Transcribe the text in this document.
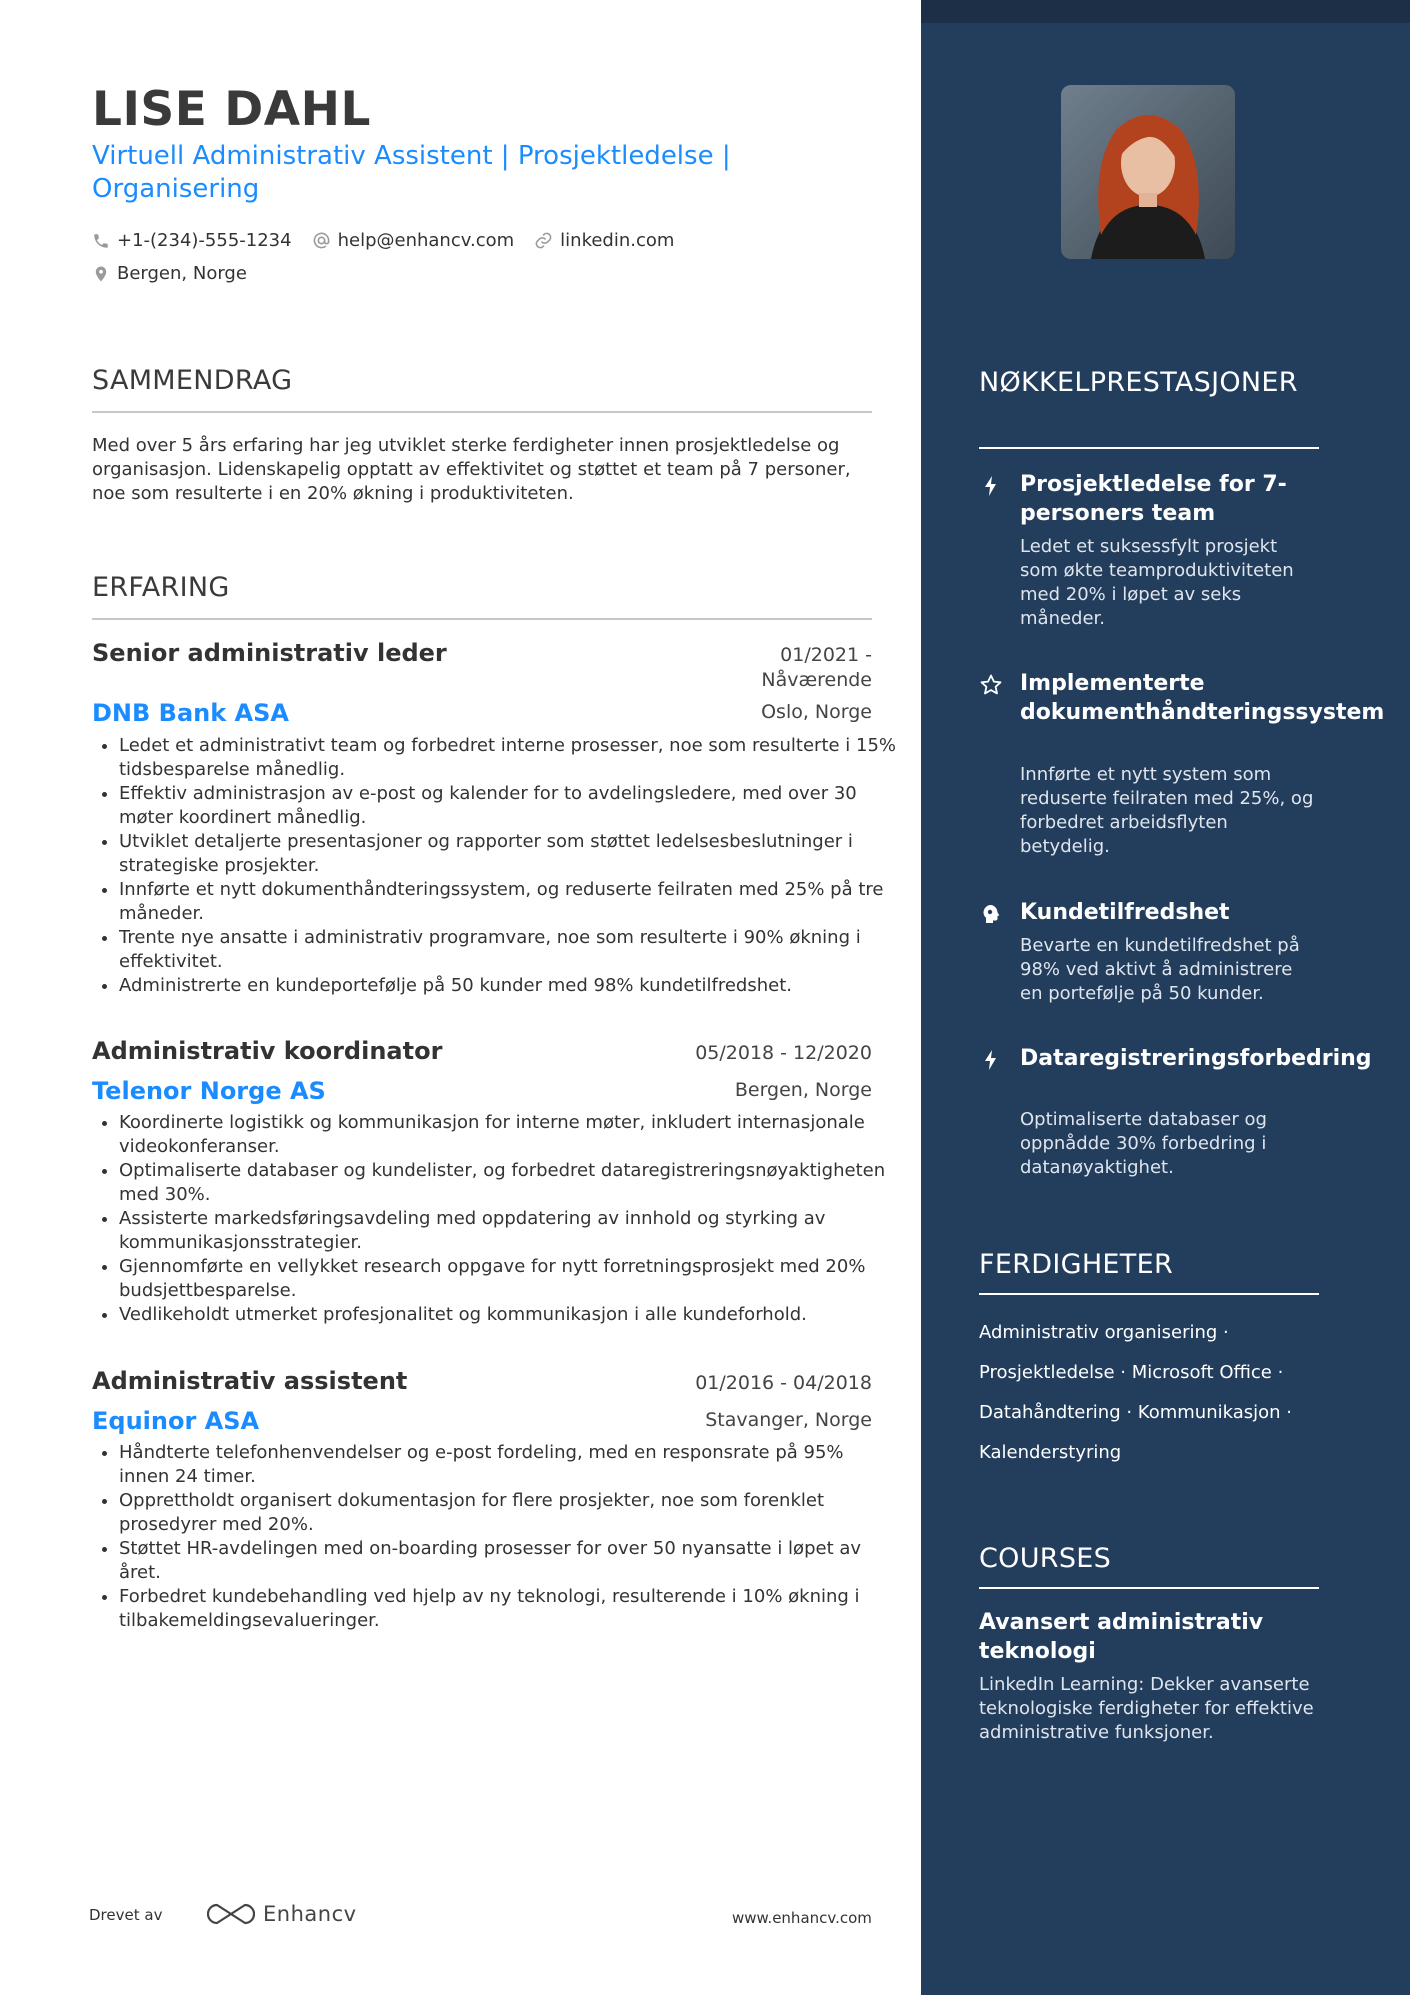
LISE DAHL

Virtuell Administrativ Assistent | Prosjektledelse | Organisering

+1-(234)-555-1234	help@enhancv.com	linkedin.com
Bergen, Norge
SAMMENDRAG

Med over 5 års erfaring har jeg utviklet sterke ferdigheter innen prosjektledelse og organisasjon. Lidenskapelig opptatt av effektivitet og støttet et team på 7 personer, noe som resulterte i en 20% økning i produktiviteten.

ERFARING
Senior administrativ leder	01/2021 - Nåværende
DNB Bank ASA	Oslo, Norge
• Ledet et administrativt team og forbedret interne prosesser, noe som resulterte i 15% tidsbesparelse månedlig.
• Effektiv administrasjon av e-post og kalender for to avdelingsledere, med over 30 møter koordinert månedlig.
• Utviklet detaljerte presentasjoner og rapporter som støttet ledelsesbeslutninger i strategiske prosjekter.
• Innførte et nytt dokumenthåndteringssystem, og reduserte feilraten med 25% på tre måneder.
• Trente nye ansatte i administrativ programvare, noe som resulterte i 90% økning i effektivitet.
• Administrerte en kundeportefølje på 50 kunder med 98% kundetilfredshet.
Administrativ koordinator	05/2018 - 12/2020
Telenor Norge AS	Bergen, Norge
• Koordinerte logistikk og kommunikasjon for interne møter, inkludert internasjonale videokonferanser.
• Optimaliserte databaser og kundelister, og forbedret dataregistreringsnøyaktigheten med 30%.
• Assisterte markedsføringsavdeling med oppdatering av innhold og styrking av kommunikasjonsstrategier.
• Gjennomførte en vellykket research oppgave for nytt forretningsprosjekt med 20% budsjettbesparelse.
• Vedlikeholdt utmerket profesjonalitet og kommunikasjon i alle kundeforhold.
Administrativ assistent	01/2016 - 04/2018
Equinor ASA	Stavanger, Norge
• Håndterte telefonhenvendelser og e-post fordeling, med en responsrate på 95% innen 24 timer.
• Opprettholdt organisert dokumentasjon for flere prosjekter, noe som forenklet prosedyrer med 20%.
• Støttet HR-avdelingen med on-boarding prosesser for over 50 nyansatte i løpet av året.
• Forbedret kundebehandling ved hjelp av ny teknologi, resulterende i 10% økning i tilbakemeldingsevalueringer.
NØKKELPRESTASJONER
Prosjektledelse for 7-personers team

Ledet et suksessfylt prosjekt som økte teamproduktiviteten med 20% i løpet av seks måneder.

Implementerte dokumenthåndteringssystem

Innførte et nytt system som reduserte feilraten med 25%, og forbedret arbeidsflyten betydelig.

Kundetilfredshet

Bevarte en kundetilfredshet på 98% ved aktivt å administrere en portefølje på 50 kunder.

Dataregistreringsforbedring

Optimaliserte databaser og oppnådde 30% forbedring i datanøyaktighet.

FERDIGHETER
Administrativ organisering ·
Prosjektledelse · Microsoft Office ·
Datahåndtering · Kommunikasjon ·
Kalenderstyring
COURSES
Avansert administrativ teknologi

LinkedIn Learning: Dekker avanserte teknologiske ferdigheter for effektive administrative funksjoner.

Drevet av	Enhancv	www.enhancv.com
